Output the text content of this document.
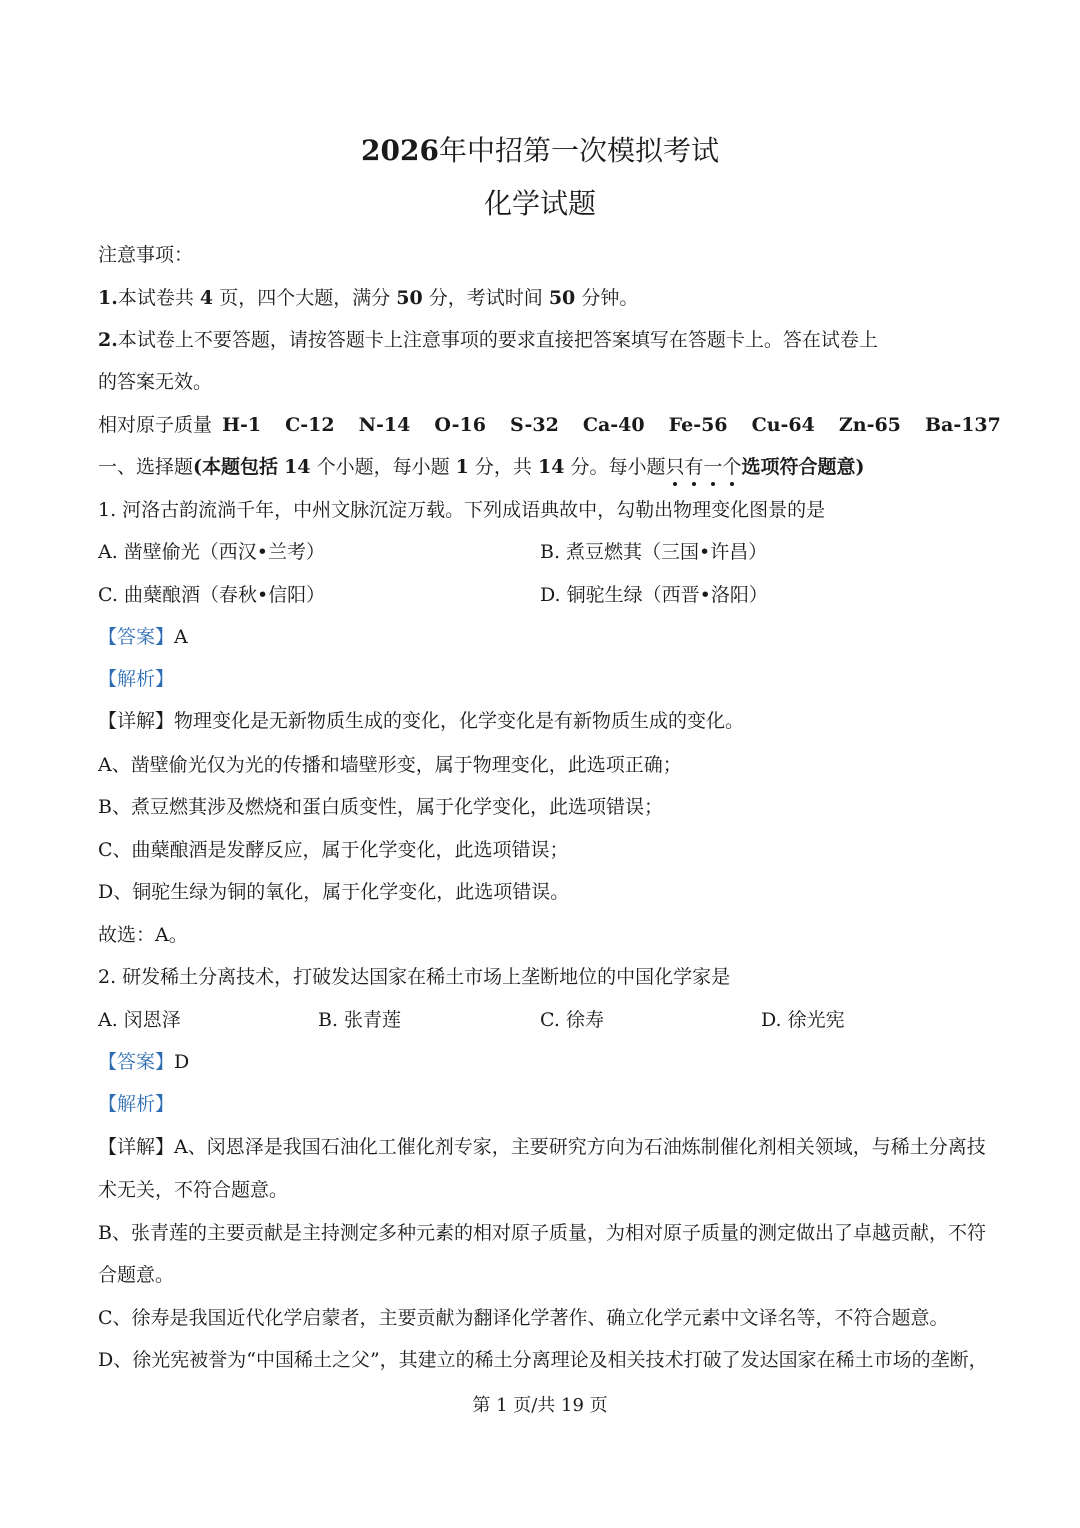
2026年中招第一次模拟考试
化学试题
注意事项：
1.本试卷共 4 页，四个大题，满分 50 分，考试时间 50 分钟。
2.本试卷上不要答题，请按答题卡上注意事项的要求直接把答案填写在答题卡上。答在试卷上
的答案无效。
相对原子质量 H-1 C-12 N-14 O-16 S-32 Ca-40 Fe-56 Cu-64 Zn-65 Ba-137
一、选择题(本题包括 14 个小题，每小题 1 分，共 14 分。每小题只
有
一
个
选项符合题意)
1. 河洛古韵流淌千年，中州文脉沉淀万载。下列成语典故中，勾勒出物理变化图景的是
A. 凿壁偷光（西汉•兰考）	B. 煮豆燃萁（三国•许昌）
C. 曲蘖酿酒（春秋•信阳）	D. 铜驼生绿（西晋•洛阳）
【答案】A
【解析】
【详解】物理变化是无新物质生成的变化，化学变化是有新物质生成的变化。
A、凿壁偷光仅为光的传播和墙壁形变，属于物理变化，此选项正确；
B、煮豆燃萁涉及燃烧和蛋白质变性，属于化学变化，此选项错误；
C、曲蘖酿酒是发酵反应，属于化学变化，此选项错误；
D、铜驼生绿为铜的氧化，属于化学变化，此选项错误。
故选：A。
2. 研发稀土分离技术，打破发达国家在稀土市场上垄断地位的中国化学家是
A. 闵恩泽	B. 张青莲	C. 徐寿	D. 徐光宪
【答案】D
【解析】
【详解】A、闵恩泽是我国石油化工催化剂专家，主要研究方向为石油炼制催化剂相关领域，与稀土分离技
术无关，不符合题意。
B、张青莲的主要贡献是主持测定多种元素的相对原子质量，为相对原子质量的测定做出了卓越贡献，不符
合题意。
C、徐寿是我国近代化学启蒙者，主要贡献为翻译化学著作、确立化学元素中文译名等，不符合题意。
D、徐光宪被誉为“中国稀土之父”，其建立的稀土分离理论及相关技术打破了发达国家在稀土市场的垄断，
第 1 页/共 19 页
